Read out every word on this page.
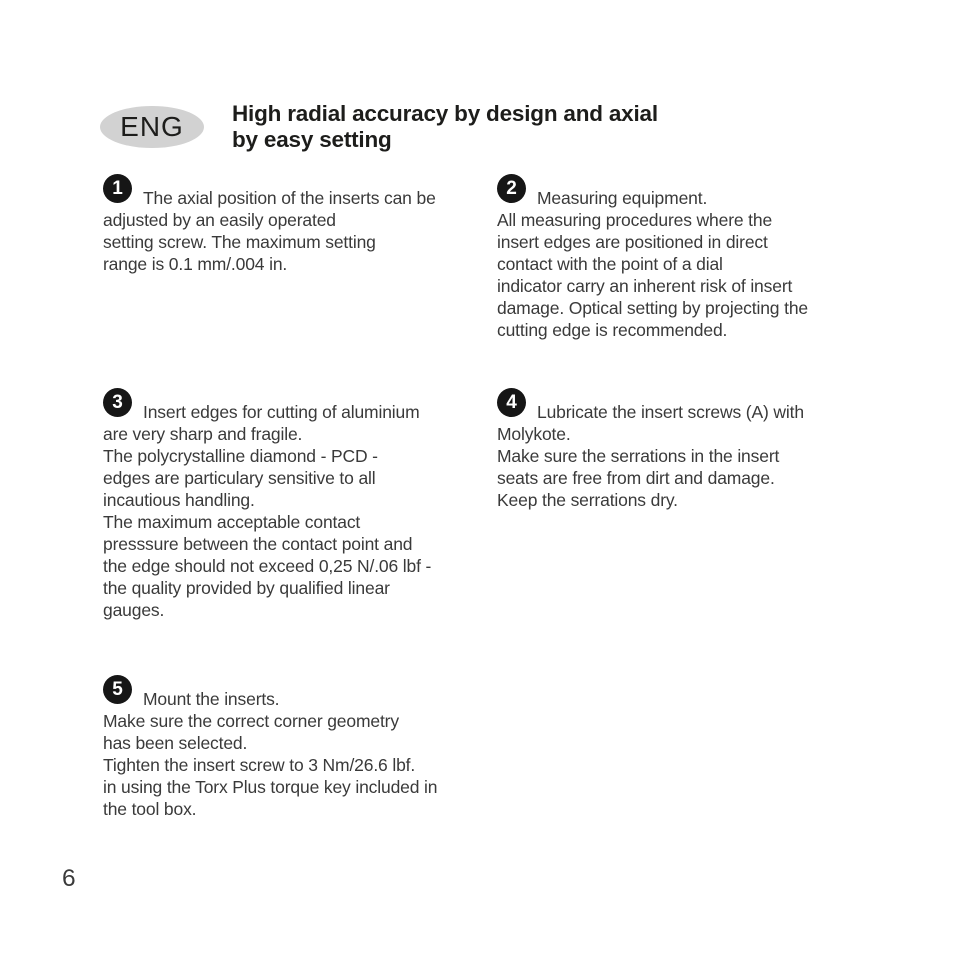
ENG	High radial accuracy by design and axial
by easy setting
1	The axial position of the inserts can be
adjusted by an easily operated
setting screw. The maximum setting
range is 0.1 mm/.004 in.
2	Measuring equipment.
All measuring procedures where the
insert edges are positioned in direct
contact with the point of a dial
indicator carry an inherent risk of insert
damage. Optical setting by projecting the
cutting edge is recommended.
3	Insert edges for cutting of aluminium
are very sharp and fragile.
The polycrystalline diamond - PCD -
edges are particulary sensitive to all
incautious handling.
The maximum acceptable contact
presssure between the contact point and
the edge should not exceed 0,25 N/.06 lbf -
the quality provided by qualified linear
gauges.
4	Lubricate the insert screws (A) with
Molykote.
Make sure the serrations in the insert
seats are free from dirt and damage.
Keep the serrations dry.
5	Mount the inserts.
Make sure the correct corner geometry
has been selected.
Tighten the insert screw to 3 Nm/26.6 lbf.
in using the Torx Plus torque key included in
the tool box.
6
